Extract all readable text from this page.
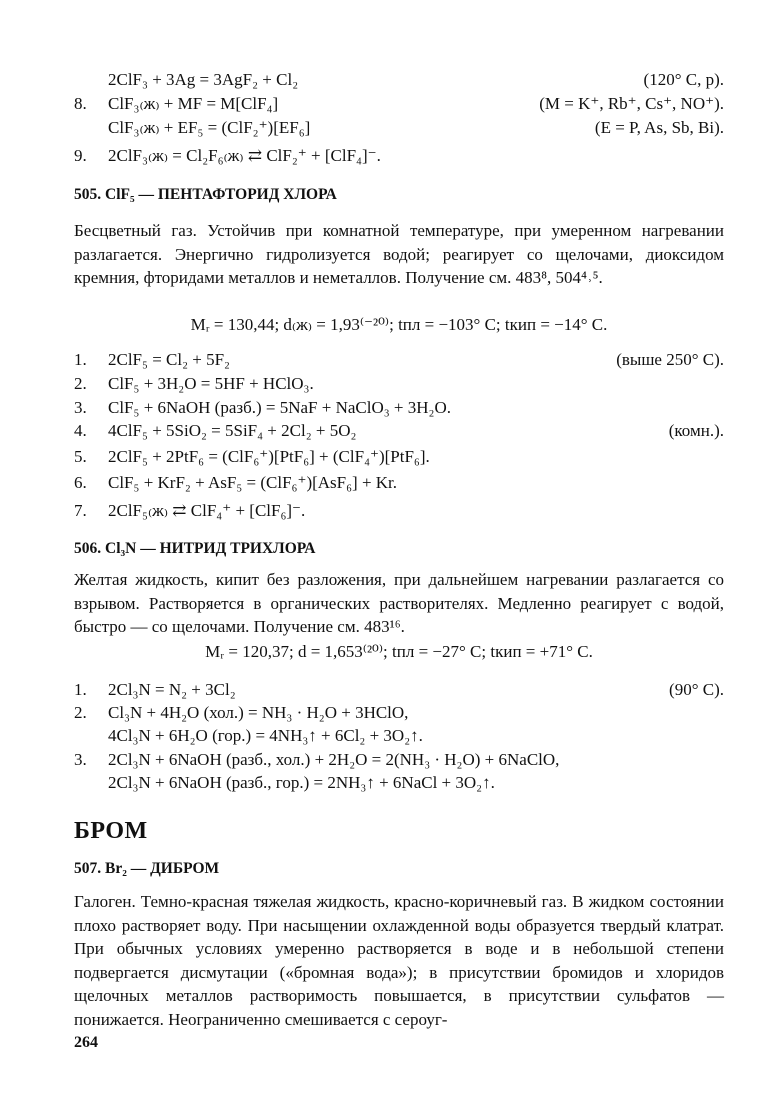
2ClF₃ + 3Ag = 3AgF₂ + Cl₂	(120° C, p).
8.	ClF₃₍ж₎ + MF = M[ClF₄]	(M = K⁺, Rb⁺, Cs⁺, NO⁺).
ClF₃₍ж₎ + EF₅ = (ClF₂⁺)[EF₆]	(E = P, As, Sb, Bi).
9.	2ClF₃₍ж₎ = Cl₂F₆₍ж₎ ⇄ ClF₂⁺ + [ClF₄]⁻.
505. ClF₅ — ПЕНТАФТОРИД ХЛОРА
Бесцветный газ. Устойчив при комнатной температуре, при умеренном нагревании разлагается. Энергично гидролизуется водой; реагирует со щелочами, диоксидом кремния, фторидами металлов и неметаллов. Получение см. 483⁸, 504⁴˒⁵.
Mᵣ = 130,44; d₍ж₎ = 1,93⁽⁻²⁰⁾; tпл = −103° C; tкип = −14° C.
1.	2ClF₅ = Cl₂ + 5F₂	(выше 250° C).
2.	ClF₅ + 3H₂O = 5HF + HClO₃.
3.	ClF₅ + 6NaOH (разб.) = 5NaF + NaClO₃ + 3H₂O.
4.	4ClF₅ + 5SiO₂ = 5SiF₄ + 2Cl₂ + 5O₂	(комн.).
5.	2ClF₅ + 2PtF₆ = (ClF₆⁺)[PtF₆] + (ClF₄⁺)[PtF₆].
6.	ClF₅ + KrF₂ + AsF₅ = (ClF₆⁺)[AsF₆] + Kr.
7.	2ClF₅₍ж₎ ⇄ ClF₄⁺ + [ClF₆]⁻.
506. Cl₃N — НИТРИД ТРИХЛОРА
Желтая жидкость, кипит без разложения, при дальнейшем нагревании разлагается со взрывом. Растворяется в органических растворителях. Медленно реагирует с водой, быстро — со щелочами. Получение см. 483¹⁶.
Mᵣ = 120,37; d = 1,653⁽²⁰⁾; tпл = −27° C; tкип = +71° C.
1.	2Cl₃N = N₂ + 3Cl₂	(90° C).
2.	Cl₃N + 4H₂O (хол.) = NH₃ · H₂O + 3HClO,
4Cl₃N + 6H₂O (гор.) = 4NH₃↑ + 6Cl₂ + 3O₂↑.
3.	2Cl₃N + 6NaOH (разб., хол.) + 2H₂O = 2(NH₃ · H₂O) + 6NaClO,
2Cl₃N + 6NaOH (разб., гор.) = 2NH₃↑ + 6NaCl + 3O₂↑.
БРОМ
507. Br₂ — ДИБРОМ
Галоген. Темно-красная тяжелая жидкость, красно-коричневый газ. В жидком состоянии плохо растворяет воду. При насыщении охлажденной воды образуется твердый клатрат. При обычных условиях умеренно растворяется в воде и в небольшой степени подвергается дисмутации («бромная вода»); в присутствии бромидов и хлоридов щелочных металлов растворимость повышается, в присутствии сульфатов — понижается. Неограниченно смешивается с сероуг-
264
